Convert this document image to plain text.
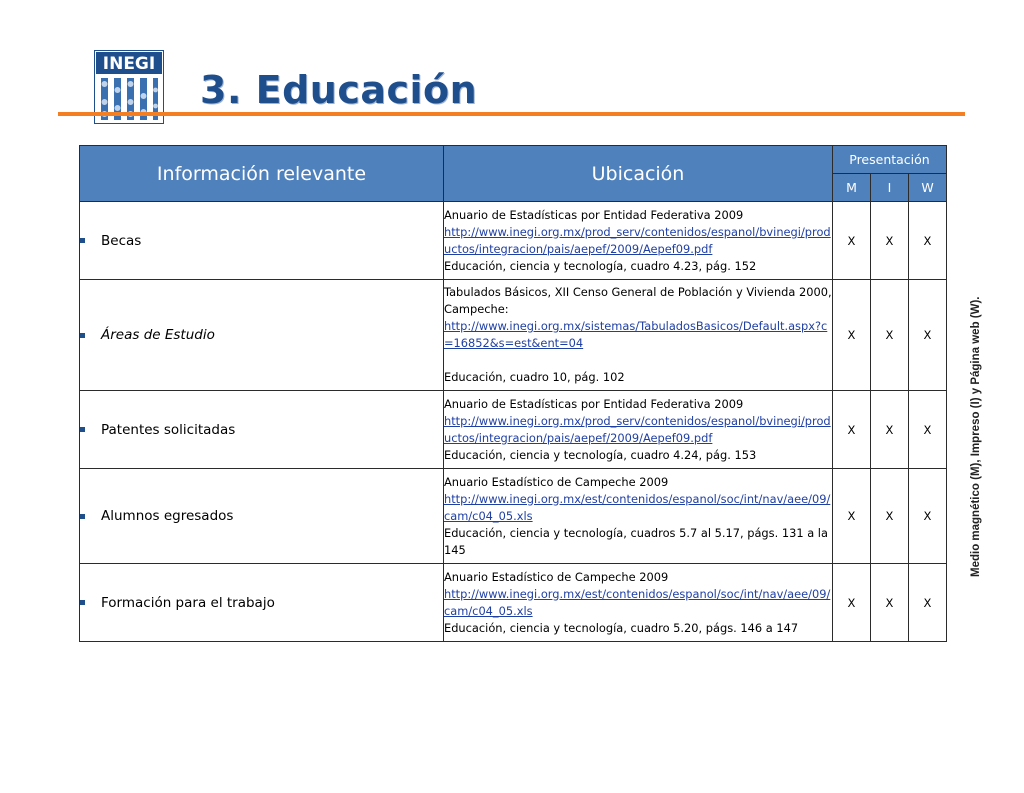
INEGI
3. Educación
Información relevante	Ubicación	Presentación		
		M	I	W
Becas	Anuario de Estadísticas por Entidad Federativa 2009
http://www.inegi.org.mx/prod_serv/contenidos/espanol/bvinegi/productos/integracion/pais/aepef/2009/Aepef09.pdf
Educación, ciencia y tecnología, cuadro 4.23, pág. 152	X	X	X
Áreas de Estudio	Tabulados Básicos, XII Censo General de Población y Vivienda 2000, Campeche:
http://www.inegi.org.mx/sistemas/TabuladosBasicos/Default.aspx?c=16852&s=est&ent=04
Educación, cuadro 10, pág. 102	X	X	X
Patentes solicitadas	Anuario de Estadísticas por Entidad Federativa 2009
http://www.inegi.org.mx/prod_serv/contenidos/espanol/bvinegi/productos/integracion/pais/aepef/2009/Aepef09.pdf
Educación, ciencia y tecnología, cuadro 4.24, pág. 153	X	X	X
Alumnos egresados	Anuario Estadístico de Campeche 2009
http://www.inegi.org.mx/est/contenidos/espanol/soc/int/nav/aee/09/cam/c04_05.xls
Educación, ciencia y tecnología, cuadros 5.7 al 5.17, págs. 131 a la 145	X	X	X
Formación para el trabajo	Anuario Estadístico de Campeche 2009
http://www.inegi.org.mx/est/contenidos/espanol/soc/int/nav/aee/09/cam/c04_05.xls
Educación, ciencia y tecnología, cuadro 5.20, págs. 146 a 147	X	X	X
Medio magnético (M), Impreso (I) y Página web (W).
